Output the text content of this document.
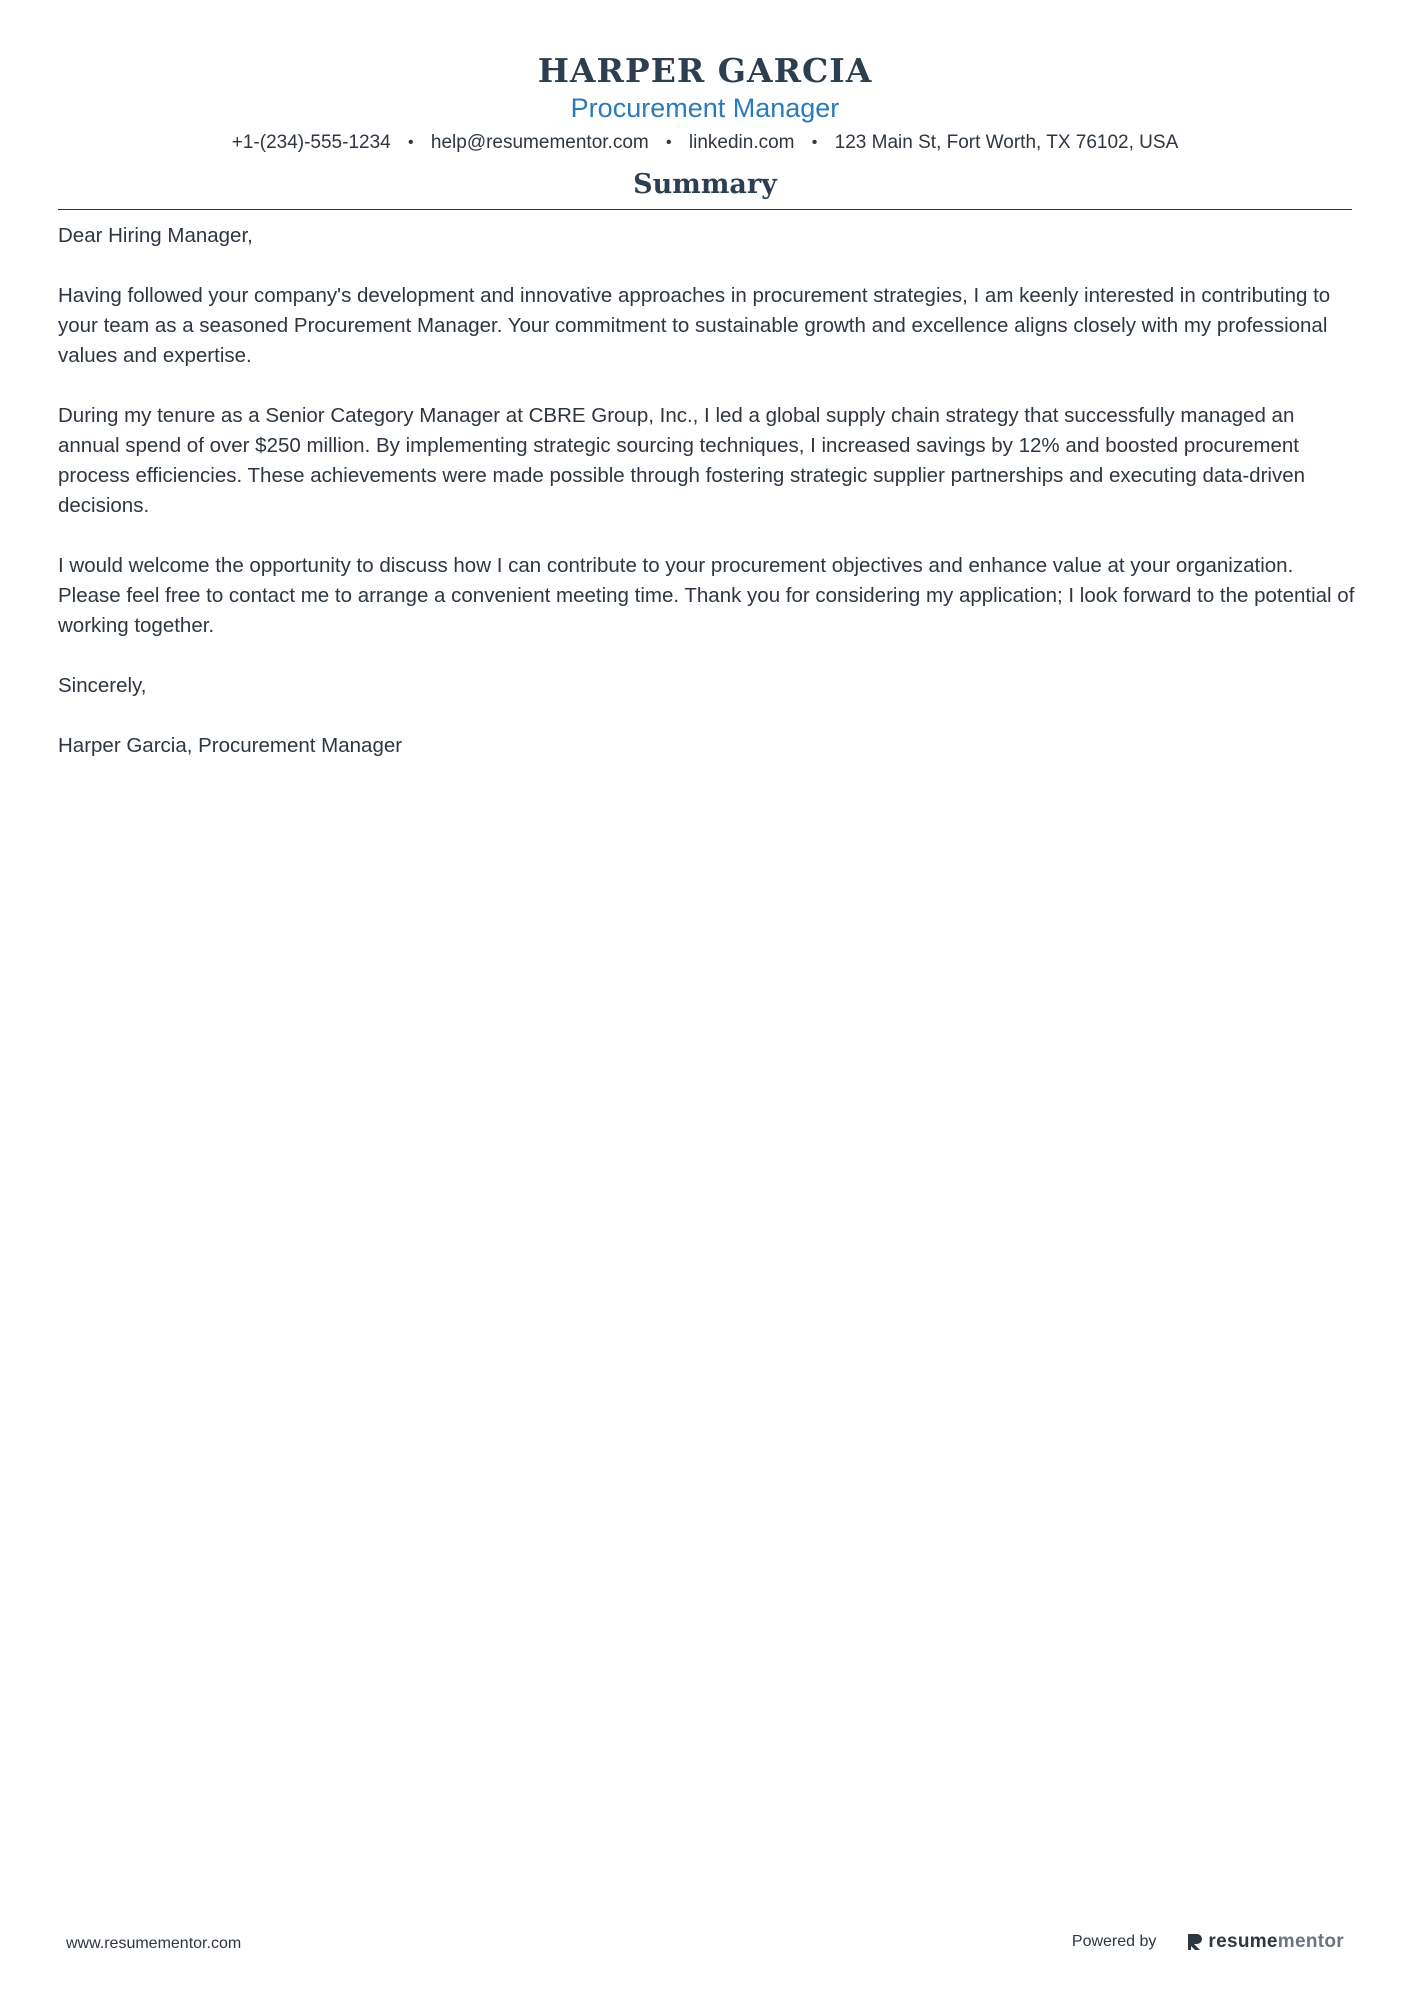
HARPER GARCIA
Procurement Manager
+1-(234)-555-1234 • help@resumementor.com • linkedin.com • 123 Main St, Fort Worth, TX 76102, USA
Summary

Dear Hiring Manager,

Having followed your company's development and innovative approaches in procurement strategies, I am keenly interested in contributing to your team as a seasoned Procurement Manager. Your commitment to sustainable growth and excellence aligns closely with my professional values and expertise.

During my tenure as a Senior Category Manager at CBRE Group, Inc., I led a global supply chain strategy that successfully managed an annual spend of over $250 million. By implementing strategic sourcing techniques, I increased savings by 12% and boosted procurement process efficiencies. These achievements were made possible through fostering strategic supplier partnerships and executing data-driven decisions.

I would welcome the opportunity to discuss how I can contribute to your procurement objectives and enhance value at your organization. Please feel free to contact me to arrange a convenient meeting time. Thank you for considering my application; I look forward to the potential of working together.

Sincerely,

Harper Garcia, Procurement Manager

www.resumementor.com	Powered by	resume mentor
